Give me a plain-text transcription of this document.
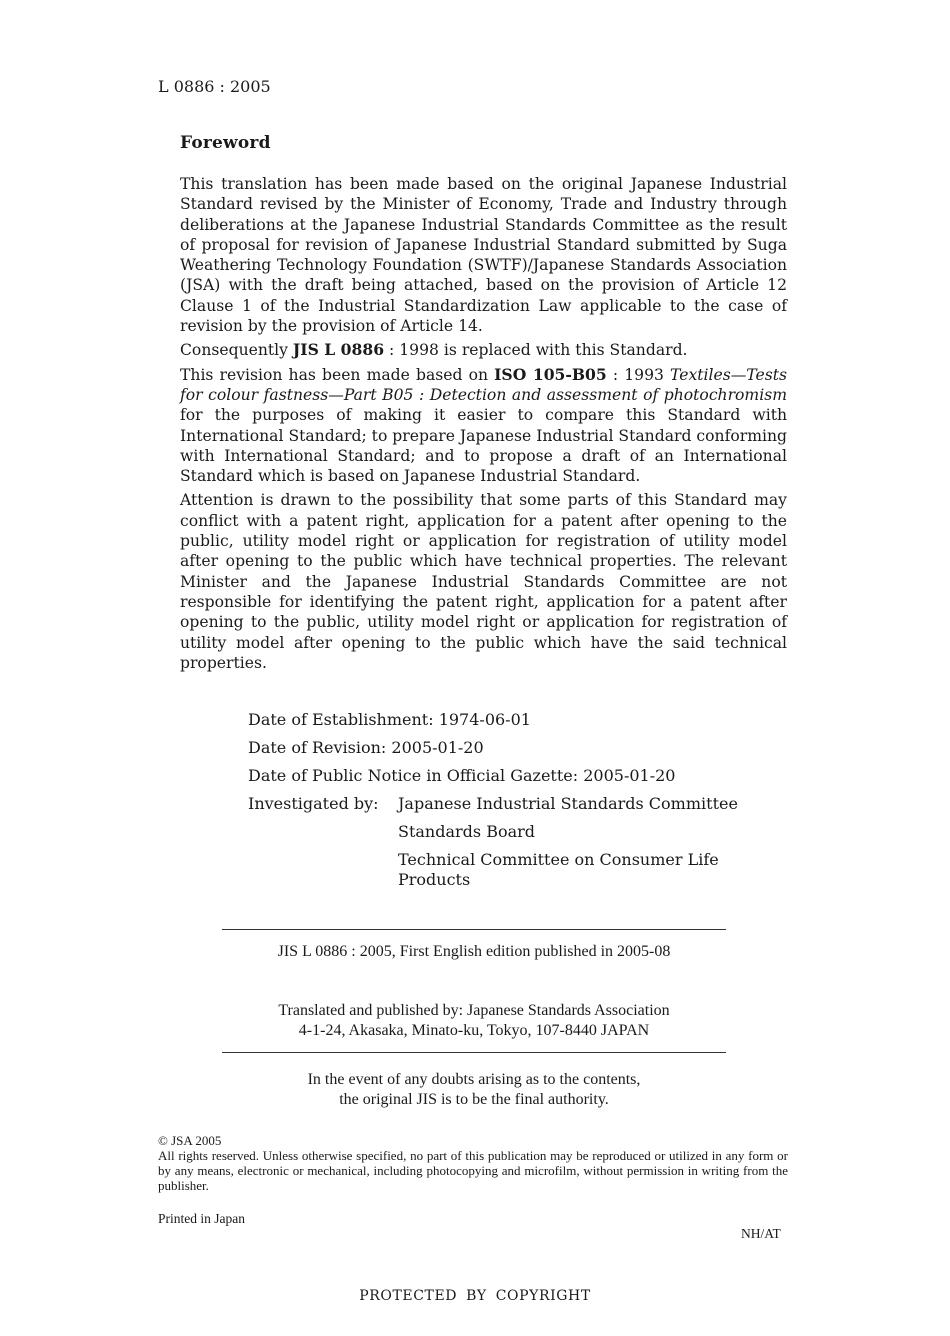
L 0886 : 2005
Foreword

This translation has been made based on the original Japanese Industrial Standard revised by the Minister of Economy, Trade and Industry through deliberations at the Japanese Industrial Standards Committee as the result of proposal for revision of Japanese Industrial Standard submitted by Suga Weathering Technology Foundation (SWTF)/Japanese Standards Association (JSA) with the draft being attached, based on the provision of Article 12 Clause 1 of the Industrial Standardization Law applicable to the case of revision by the provision of Article 14.

Consequently JIS L 0886 : 1998 is replaced with this Standard.

This revision has been made based on ISO 105-B05 : 1993 Textiles—Tests for colour fastness—Part B05 : Detection and assessment of photochromism for the purposes of making it easier to compare this Standard with International Standard; to prepare Japanese Industrial Standard conforming with International Standard; and to propose a draft of an International Standard which is based on Japanese Industrial Standard.

Attention is drawn to the possibility that some parts of this Standard may conflict with a patent right, application for a patent after opening to the public, utility model right or application for registration of utility model after opening to the public which have technical properties. The relevant Minister and the Japanese Industrial Standards Committee are not responsible for identifying the patent right, application for a patent after opening to the public, utility model right or application for registration of utility model after opening to the public which have the said technical properties.

Date of Establishment: 1974-06-01
Date of Revision: 2005-01-20
Date of Public Notice in Official Gazette: 2005-01-20
Investigated by: Japanese Industrial Standards Committee
Standards Board
Technical Committee on Consumer Life
Products
JIS L 0886 : 2005, First English edition published in 2005-08
Translated and published by: Japanese Standards Association
4-1-24, Akasaka, Minato-ku, Tokyo, 107-8440 JAPAN
In the event of any doubts arising as to the contents,
the original JIS is to be the final authority.

© JSA 2005

All rights reserved. Unless otherwise specified, no part of this publication may be reproduced or utilized in any form or by any means, electronic or mechanical, including photocopying and microfilm, without permission in writing from the publisher.

Printed in Japan
NH/AT
PROTECTED BY COPYRIGHT
